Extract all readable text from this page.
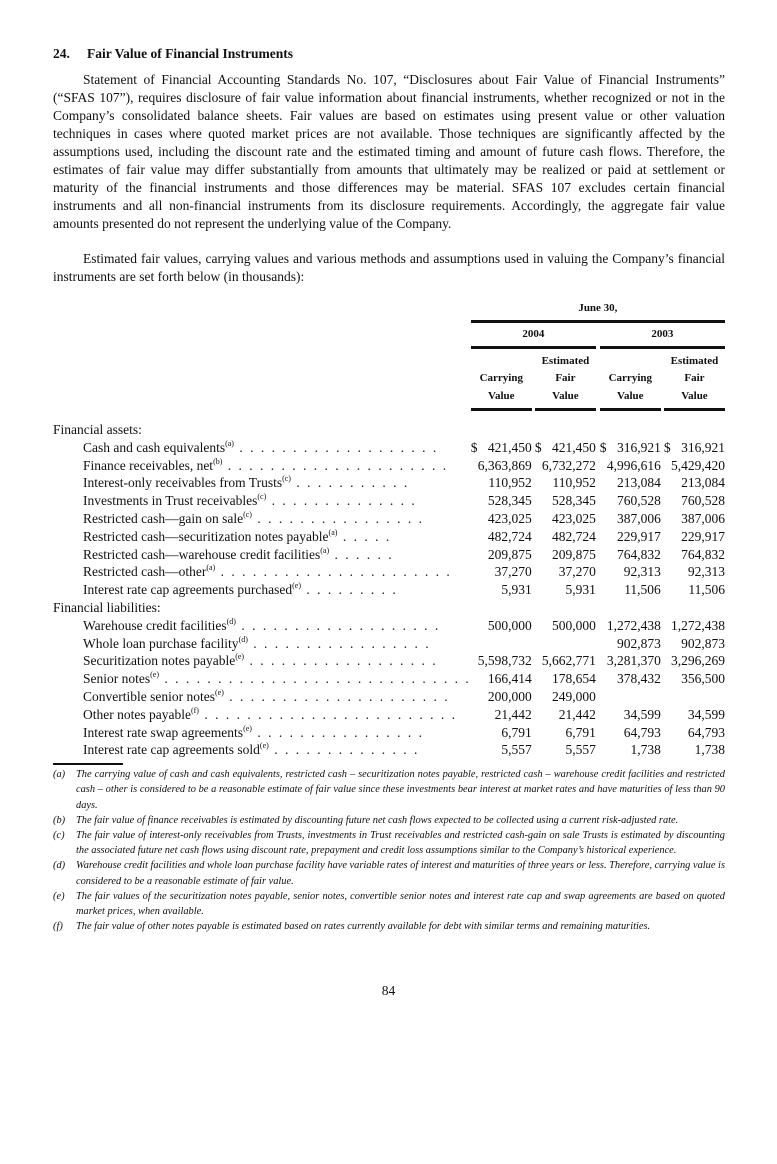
24. Fair Value of Financial Instruments

Statement of Financial Accounting Standards No. 107, “Disclosures about Fair Value of Financial Instruments” (“SFAS 107”), requires disclosure of fair value information about financial instruments, whether recognized or not in the Company’s consolidated balance sheets. Fair values are based on estimates using present value or other valuation techniques in cases where quoted market prices are not available. Those techniques are significantly affected by the assumptions used, including the discount rate and the estimated timing and amount of future cash flows. Therefore, the estimates of fair value may differ substantially from amounts that ultimately may be realized or paid at settlement or maturity of the financial instruments and those differences may be material. SFAS 107 excludes certain financial instruments and all non-financial instruments from its disclosure requirements. Accordingly, the aggregate fair value amounts presented do not represent the underlying value of the Company.

Estimated fair values, carrying values and various methods and assumptions used in valuing the Company’s financial instruments are set forth below (in thousands):

	June 30,						
	2004				2003		

Carrying
Value

Estimated
Fair
Value

Carrying
Value

Estimated
Fair
Value

Financial assets:							
Cash and cash equivalents$^{(a)}$ . . . . . . . . . . . . . . . . . . .	$ 421,450		$ 421,450		$ 316,921		$ 316,921
Finance receivables, net$^{(b)}$ . . . . . . . . . . . . . . . . . . . . .	6,363,869		6,732,272		4,996,616		5,429,420
Interest-only receivables from Trusts$^{(c)}$ . . . . . . . . . . .	110,952		110,952		213,084		213,084
Investments in Trust receivables$^{(c)}$ . . . . . . . . . . . . . .	528,345		528,345		760,528		760,528
Restricted cash—gain on sale$^{(c)}$ . . . . . . . . . . . . . . . .	423,025		423,025		387,006		387,006
Restricted cash—securitization notes payable$^{(a)}$ . . . . .	482,724		482,724		229,917		229,917
Restricted cash—warehouse credit facilities$^{(a)}$ . . . . . .	209,875		209,875		764,832		764,832
Restricted cash—other$^{(a)}$ . . . . . . . . . . . . . . . . . . . . . .	37,270		37,270		92,313		92,313
Interest rate cap agreements purchased$^{(e)}$ . . . . . . . . .	5,931		5,931		11,506		11,506
Financial liabilities:							
Warehouse credit facilities$^{(d)}$ . . . . . . . . . . . . . . . . . . .	500,000		500,000		1,272,438		1,272,438
Whole loan purchase facility$^{(d)}$ . . . . . . . . . . . . . . . . .					902,873		902,873
Securitization notes payable$^{(e)}$ . . . . . . . . . . . . . . . . . .	5,598,732		5,662,771		3,281,370		3,296,269
Senior notes$^{(e)}$ . . . . . . . . . . . . . . . . . . . . . . . . . . . . .	166,414		178,654		378,432		356,500
Convertible senior notes$^{(e)}$ . . . . . . . . . . . . . . . . . . . . .	200,000		249,000				
Other notes payable$^{(f)}$ . . . . . . . . . . . . . . . . . . . . . . . .	21,442		21,442		34,599		34,599
Interest rate swap agreements$^{(e)}$ . . . . . . . . . . . . . . . .	6,791		6,791		64,793		64,793
Interest rate cap agreements sold$^{(e)}$ . . . . . . . . . . . . . .	5,557		5,557		1,738		1,738
(a)	The carrying value of cash and cash equivalents, restricted cash – securitization notes payable, restricted cash – warehouse credit facilities and restricted cash – other is considered to be a reasonable estimate of fair value since these investments bear interest at market rates and have maturities of less than 90 days.
(b)	The fair value of finance receivables is estimated by discounting future net cash flows expected to be collected using a current risk-adjusted rate.
(c)	The fair value of interest-only receivables from Trusts, investments in Trust receivables and restricted cash-gain on sale Trusts is estimated by discounting the associated future net cash flows using discount rate, prepayment and credit loss assumptions similar to the Company’s historical experience.
(d)	Warehouse credit facilities and whole loan purchase facility have variable rates of interest and maturities of three years or less. Therefore, carrying value is considered to be a reasonable estimate of fair value.
(e)	The fair values of the securitization notes payable, senior notes, convertible senior notes and interest rate cap and swap agreements are based on quoted market prices, when available.
(f)	The fair value of other notes payable is estimated based on rates currently available for debt with similar terms and remaining maturities.
84
